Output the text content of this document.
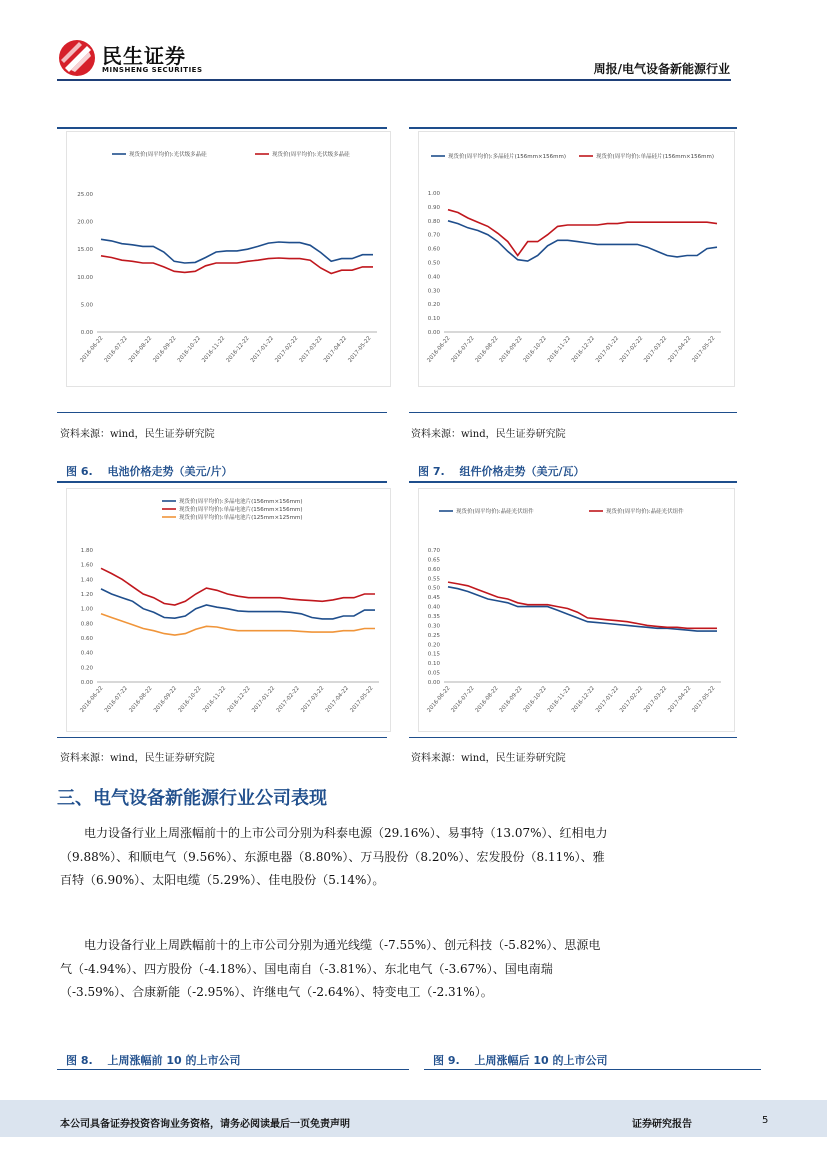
民生证券
MINSHENG SECURITIES	周报/电气设备新能源行业
0.00
5.00
10.00
15.00
20.00
25.00
2016-06-22 2016-07-22 2016-08-22 2016-09-22 2016-10-22 2016-11-22 2016-12-22 2017-01-22 2017-02-22 2017-03-22 2017-04-22 2017-05-22
现货价(周平均价):光伏级多晶硅	现货价(周平均价):光伏级多晶硅
资料来源：wind，民生证券研究院
0.00
0.10
0.20
0.30
0.40
0.50
0.60
0.70
0.80
0.90
1.00
2016-06-22
2016-07-22
2016-08-22
2016-09-22
2016-10-22
2016-11-22
2016-12-22
2017-01-22
2017-02-22
2017-03-22
2017-04-22
2017-05-22
现货价(周平均价):多晶硅片(156mm×156mm)	现货价(周平均价):单晶硅片(156mm×156mm)
资料来源：wind，民生证券研究院
图 6.　 电池价格走势（美元/片）	图 7.　 组件价格走势（美元/瓦）
0.00
0.20
0.40
0.60
0.80
1.00
1.20
1.40
1.60
1.80
2016-06-22 2016-07-22 2016-08-22 2016-09-22 2016-10-22 2016-11-22 2016-12-22 2017-01-22 2017-02-22 2017-03-22 2017-04-22 2017-05-22
现货价(周平均价):多晶电池片(156mm×156mm)
现货价(周平均价):单晶电池片(156mm×156mm)
现货价(周平均价):单晶电池片(125mm×125mm)
资料来源：wind，民生证券研究院
0.00
0.05
0.10
0.15
0.20
0.25
0.30
0.35
0.40
0.45
0.50
0.55
0.60
0.65
0.70
2016-06-22
2016-07-22
2016-08-22
2016-09-22
2016-10-22
2016-11-22
2016-12-22
2017-01-22
2017-02-22
2017-03-22
2017-04-22
2017-05-22
现货价(周平均价):晶硅光伏组件	现货价(周平均价):晶硅光伏组件
资料来源：wind，民生证券研究院
三、电气设备新能源行业公司表现
　　电力设备行业上周涨幅前十的上市公司分别为科泰电源（29.16%）、易事特（13.07%）、红相电力（9.88%）、和顺电气（9.56%）、东源电器（8.80%）、万马股份（8.20%）、宏发股份（8.11%）、雅百特（6.90%）、太阳电缆（5.29%）、佳电股份（5.14%）。
　　电力设备行业上周跌幅前十的上市公司分别为通光线缆（-7.55%）、创元科技（-5.82%）、思源电气（-4.94%）、四方股份（-4.18%）、国电南自（-3.81%）、东北电气（-3.67%）、国电南瑞（-3.59%）、合康新能（-2.95%）、许继电气（-2.64%）、特变电工（-2.31%）。
图 8.　 上周涨幅前 10 的上市公司	图 9.　 上周涨幅后 10 的上市公司
本公司具备证券投资咨询业务资格，请务必阅读最后一页免责声明	证券研究报告	5
